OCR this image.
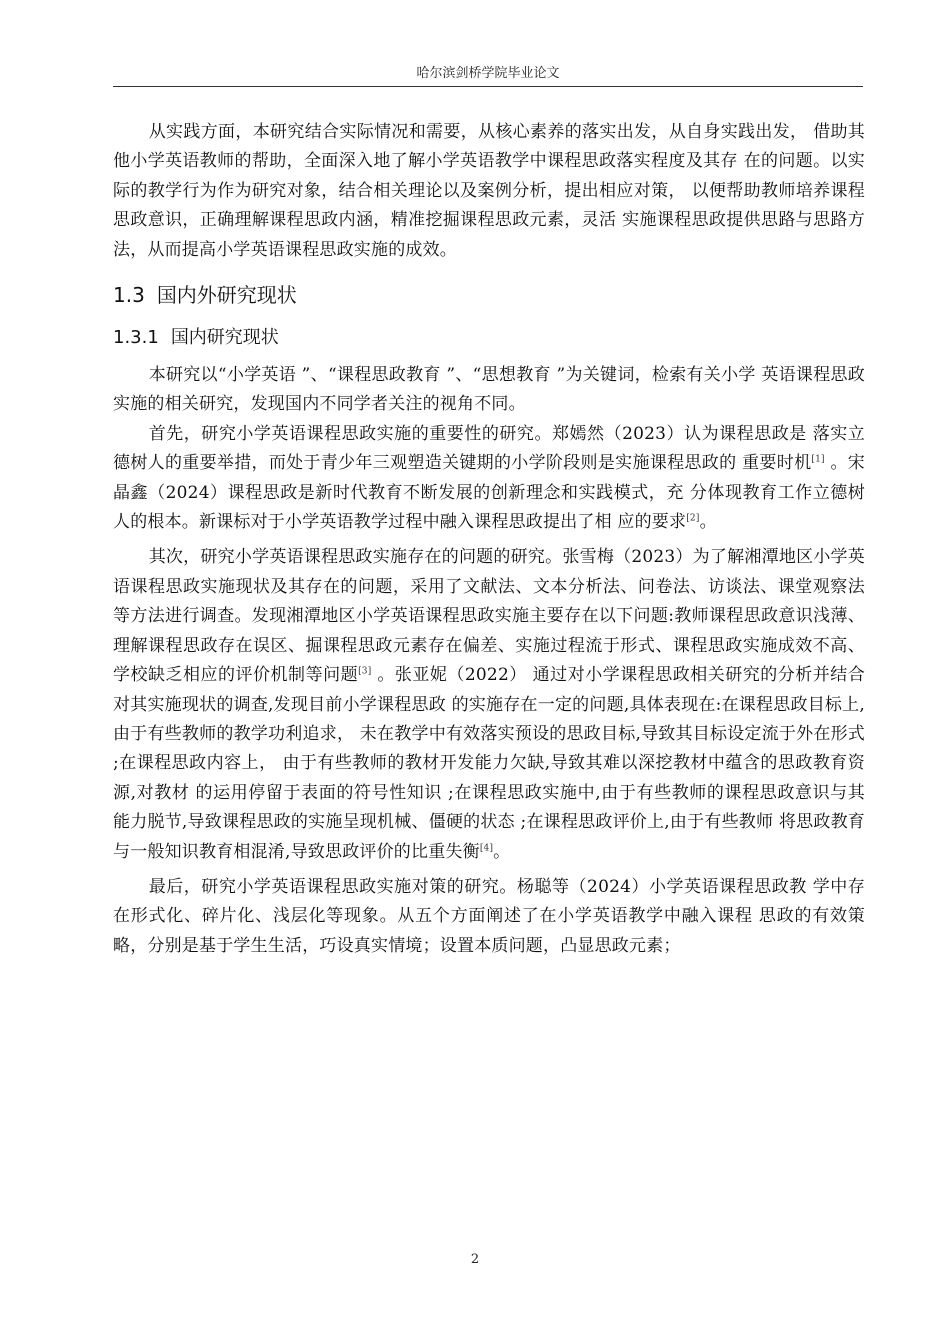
哈尔滨剑桥学院毕业论文

从实践方面，本研究结合实际情况和需要，从核心素养的落实出发，从自身实践出发， 借助其他小学英语教师的帮助，全面深入地了解小学英语教学中课程思政落实程度及其存 在的问题。以实际的教学行为作为研究对象，结合相关理论以及案例分析，提出相应对策， 以便帮助教师培养课程思政意识，正确理解课程思政内涵，精准挖掘课程思政元素，灵活 实施课程思政提供思路与思路方法，从而提高小学英语课程思政实施的成效。

1.3 国内外研究现状
1.3.1 国内研究现状

本研究以“小学英语 ”、“课程思政教育 ”、“思想教育 ”为关键词，检索有关小学 英语课程思政实施的相关研究，发现国内不同学者关注的视角不同。

首先，研究小学英语课程思政实施的重要性的研究。郑嫣然（2023）认为课程思政是 落实立德树人的重要举措，而处于青少年三观塑造关键期的小学阶段则是实施课程思政的 重要时机[1] 。宋晶鑫（2024）课程思政是新时代教育不断发展的创新理念和实践模式，充 分体现教育工作立德树人的根本。新课标对于小学英语教学过程中融入课程思政提出了相 应的要求[2]。

其次，研究小学英语课程思政实施存在的问题的研究。张雪梅（2023）为了解湘潭地区小学英语课程思政实施现状及其存在的问题，采用了文献法、文本分析法、问卷法、访谈法、课堂观察法等方法进行调查。发现湘潭地区小学英语课程思政实施主要存在以下问题:教师课程思政意识浅薄、理解课程思政存在误区、掘课程思政元素存在偏差、实施过程流于形式、课程思政实施成效不高、学校缺乏相应的评价机制等问题[3] 。张亚妮（2022） 通过对小学课程思政相关研究的分析并结合对其实施现状的调查,发现目前小学课程思政 的实施存在一定的问题,具体表现在:在课程思政目标上,由于有些教师的教学功利追求， 未在教学中有效落实预设的思政目标,导致其目标设定流于外在形式 ;在课程思政内容上， 由于有些教师的教材开发能力欠缺,导致其难以深挖教材中蕴含的思政教育资源,对教材 的运用停留于表面的符号性知识 ;在课程思政实施中,由于有些教师的课程思政意识与其 能力脱节,导致课程思政的实施呈现机械、僵硬的状态 ;在课程思政评价上,由于有些教师 将思政教育与一般知识教育相混淆,导致思政评价的比重失衡[4]。

最后，研究小学英语课程思政实施对策的研究。杨聪等（2024）小学英语课程思政教 学中存在形式化、碎片化、浅层化等现象。从五个方面阐述了在小学英语教学中融入课程 思政的有效策略，分别是基于学生生活，巧设真实情境；设置本质问题，凸显思政元素；

2
